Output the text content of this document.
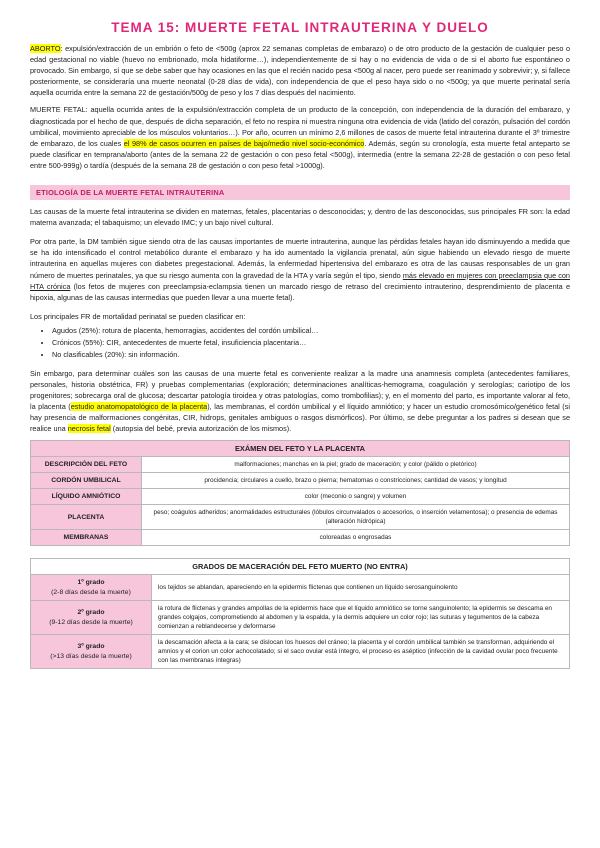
TEMA 15: MUERTE FETAL INTRAUTERINA Y DUELO

ABORTO: expulsión/extracción de un embrión o feto de <500g (aprox 22 semanas completas de embarazo) o de otro producto de la gestación de cualquier peso o edad gestacional no viable (huevo no embrionado, mola hidatiforme…), independientemente de si hay o no evidencia de vida o de si el aborto fue espontáneo o provocado. Sin embargo, sí que se debe saber que hay ocasiones en las que el recién nacido pesa <500g al nacer, pero puede ser reanimado y sobrevivir; y, si fallece posteriormente, se consideraría una muerte neonatal (0-28 días de vida), con independencia de que el peso haya sido o no <500g; ya que muerte perinatal sería aquella ocurrida entre la semana 22 de gestación/500g de peso y los 7 días después del nacimiento.

MUERTE FETAL: aquella ocurrida antes de la expulsión/extracción completa de un producto de la concepción, con independencia de la duración del embarazo, y diagnosticada por el hecho de que, después de dicha separación, el feto no respira ni muestra ninguna otra evidencia de vida (latido del corazón, pulsación del cordón umbilical, movimiento apreciable de los músculos voluntarios…). Por año, ocurren un mínimo 2,6 millones de casos de muerte fetal intrauterina durante el 3º trimestre de embarazo, de los cuales el 98% de casos ocurren en países de bajo/medio nivel socio-económico. Además, según su cronología, esta muerte fetal anteparto se puede clasificar en temprana/aborto (antes de la semana 22 de gestación o con peso fetal <500g), intermedia (entre la semana 22-28 de gestación o con peso fetal entre 500-999g) o tardía (después de la semana 28 de gestación o con peso fetal >1000g).

ETIOLOGÍA DE LA MUERTE FETAL INTRAUTERINA

Las causas de la muerte fetal intrauterina se dividen en maternas, fetales, placentarias o desconocidas; y, dentro de las desconocidas, sus principales FR son: la edad materna avanzada; el tabaquismo; un elevado IMC; y un bajo nivel cultural.

Por otra parte, la DM también sigue siendo otra de las causas importantes de muerte intrauterina, aunque las pérdidas fetales hayan ido disminuyendo a medida que se ha ido intensificado el control metabólico durante el embarazo y ha ido aumentado la vigilancia prenatal, aún sigue habiendo un elevado riesgo de muerte intrauterina en aquellas mujeres con diabetes pregestacional. Además, la enfermedad hipertensiva del embarazo es otra de las causas responsables de un gran número de muertes perinatales, ya que su riesgo aumenta con la gravedad de la HTA y varía según el tipo, siendo más elevado en mujeres con preeclampsia que con HTA crónica (los fetos de mujeres con preeclampsia-eclampsia tienen un marcado riesgo de retraso del crecimiento intrauterino, desprendimiento de placenta e hipoxia, algunas de las causas intermedias que pueden llevar a una muerte fetal).

Los principales FR de mortalidad perinatal se pueden clasificar en:

• Agudos (25%): rotura de placenta, hemorragias, accidentes del cordón umbilical…
• Crónicos (55%): CIR, antecedentes de muerte fetal, insuficiencia placentaria…
• No clasificables (20%): sin información.

Sin embargo, para determinar cuáles son las causas de una muerte fetal es conveniente realizar a la madre una anamnesis completa (antecedentes familiares, personales, historia obstétrica, FR) y pruebas complementarias (exploración; determinaciones analíticas-hemograma, coagulación y serologías; cariotipo de los progenitores; sobrecarga oral de glucosa; descartar patología tiroidea y otras patologías, como trombofilias); y, en el momento del parto, es importante valorar al feto, la placenta (estudio anatomopatológico de la placenta), las membranas, el cordón umbilical y el líquido amniótico; y hacer un estudio cromosómico/genético fetal (si hay presencia de malformaciones congénitas, CIR, hidrops, genitales ambiguos o rasgos dismórficos). Por último, se debe preguntar a los padres si desean que se realice una necrosis fetal (autopsia del bebé, previa autorización de los mismos).

EXÁMEN DEL FETO Y LA PLACENTA	
DESCRIPCIÓN DEL FETO	malformaciones; manchas en la piel; grado de maceración; y color (pálido o pletórico)
CORDÓN UMBILICAL	procidencia; circulares a cuello, brazo o pierna; hematomas o constricciones; cantidad de vasos; y longitud
LÍQUIDO AMNIÓTICO	color (meconio o sangre) y volumen
PLACENTA	peso; coágulos adheridos; anormalidades estructurales (lóbulos circunvalados o accesorios, o inserción velamentosa); o presencia de edemas (alteración hídrópica)
MEMBRANAS	coloreadas o engrosadas
GRADOS DE MACERACIÓN DEL FETO MUERTO (NO ENTRA)	
1º grado
(2-8 días desde la muerte)	los tejidos se ablandan, apareciendo en la epidermis flictenas que contienen un líquido serosanguinolento
2º grado
(9-12 días desde la muerte)	la rotura de flictenas y grandes ampollas de la epidermis hace que el líquido amniótico se torne sanguinolento; la epidermis se descama en grandes colgajos, comprometiendo al abdomen y la espalda, y la dermis adquiere un color rojo; las suturas y tegumentos de la cabeza comienzan a reblandecerse y deformarse
3º grado
(>13 días desde la muerte)	la descamación afecta a la cara; se dislocan los huesos del cráneo; la placenta y el cordón umbilical también se transforman, adquiriendo el amnios y el corion un color achocolatado; si el saco ovular está íntegro, el proceso es aséptico (infección de la cavidad ovular poco frecuente con las membranas íntegras)
